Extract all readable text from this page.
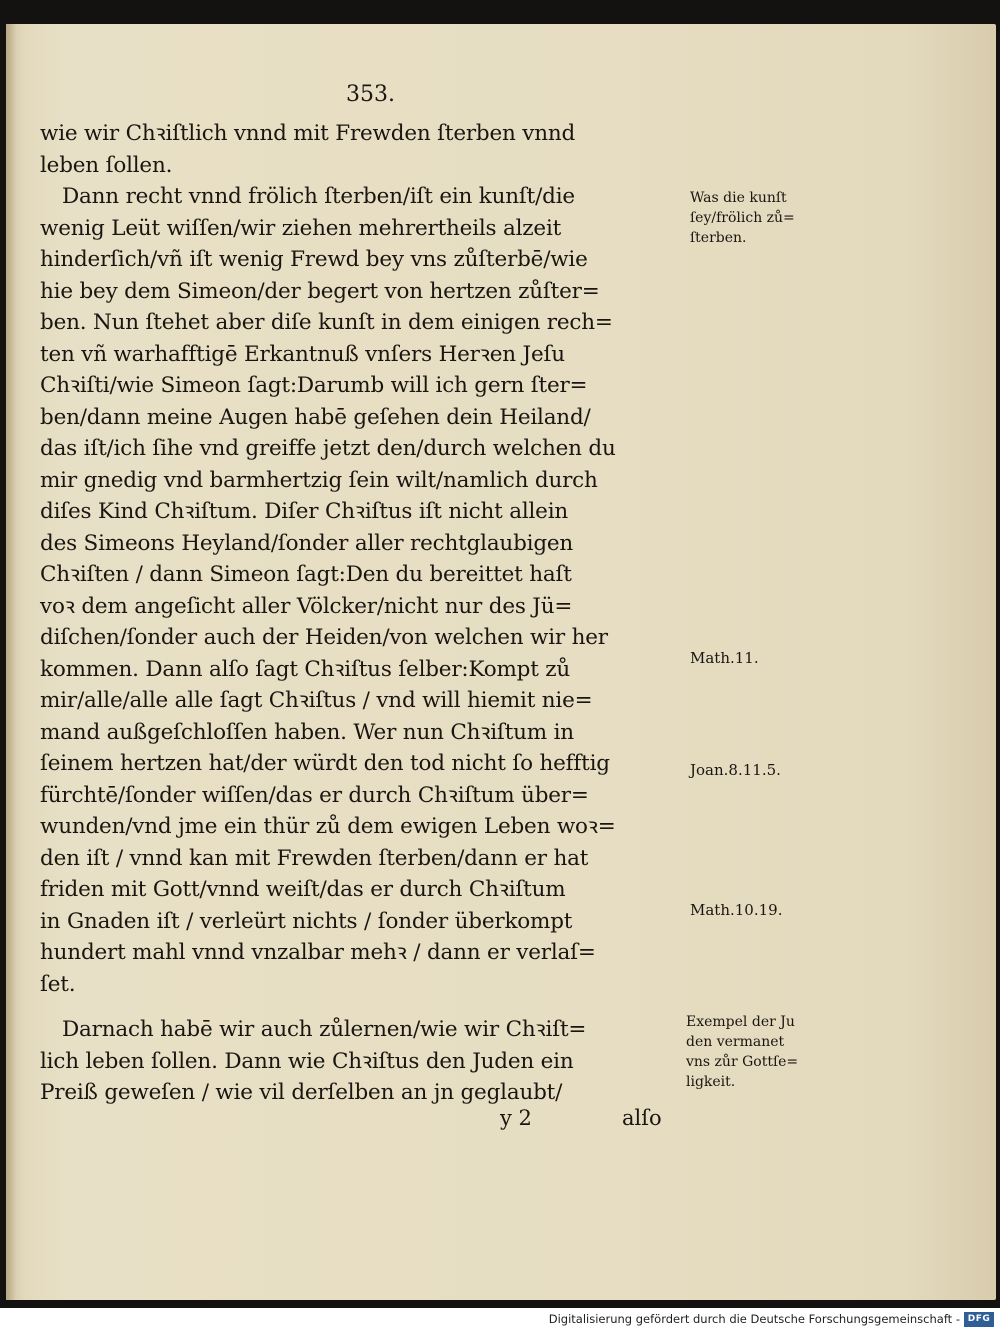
353.
wie wir Chꝛiſtlich vnnd mit Frewden ſterben vnnd
leben ſollen.
Dann recht vnnd frölich ſterben/iſt ein kunſt/die
wenig Leüt wiſſen/wir ziehen mehrertheils alzeit
hinderſich/vñ iſt wenig Frewd bey vns zůſterbē/wie
hie bey dem Simeon/der begert von hertzen zůſter=
ben. Nun ſtehet aber diſe kunſt in dem einigen rech=
ten vñ warhafftigē Erkantnuß vnſers Herꝛen Jeſu
Chꝛiſti/wie Simeon ſagt:Darumb will ich gern ſter=
ben/dann meine Augen habē geſehen dein Heiland/
das iſt/ich ſihe vnd greiffe jetzt den/durch welchen du
mir gnedig vnd barmhertzig ſein wilt/namlich durch
diſes Kind Chꝛiſtum. Diſer Chꝛiſtus iſt nicht allein
des Simeons Heyland/ſonder aller rechtglaubigen
Chꝛiſten / dann Simeon ſagt:Den du bereittet haſt
voꝛ dem angeſicht aller Völcker/nicht nur des Jü=
diſchen/ſonder auch der Heiden/von welchen wir her
kommen. Dann alſo ſagt Chꝛiſtus ſelber:Kompt zů
mir/alle/alle alle ſagt Chꝛiſtus / vnd will hiemit nie=
mand außgeſchloſſen haben. Wer nun Chꝛiſtum in
ſeinem hertzen hat/der würdt den tod nicht ſo hefftig
fürchtē/ſonder wiſſen/das er durch Chꝛiſtum über=
wunden/vnd jme ein thür zů dem ewigen Leben woꝛ=
den iſt / vnnd kan mit Frewden ſterben/dann er hat
friden mit Gott/vnnd weiſt/das er durch Chꝛiſtum
in Gnaden iſt / verleürt nichts / ſonder überkompt
hundert mahl vnnd vnzalbar mehꝛ / dann er verlaſ=
ſet.
Darnach habē wir auch zůlernen/wie wir Chꝛiſt=
lich leben ſollen. Dann wie Chꝛiſtus den Juden ein
Preiß geweſen / wie vil derſelben an jn geglaubt/
Was die kunſt
ſey/frölich zů=
ſterben.
Math.11.
Joan.8.11.5.
Math.10.19.
Exempel der Ju
den vermanet
vns zůr Gottſe=
ligkeit.
y 2	alſo
Digitalisierung gefördert durch die Deutsche Forschungsgemeinschaft - DFG
